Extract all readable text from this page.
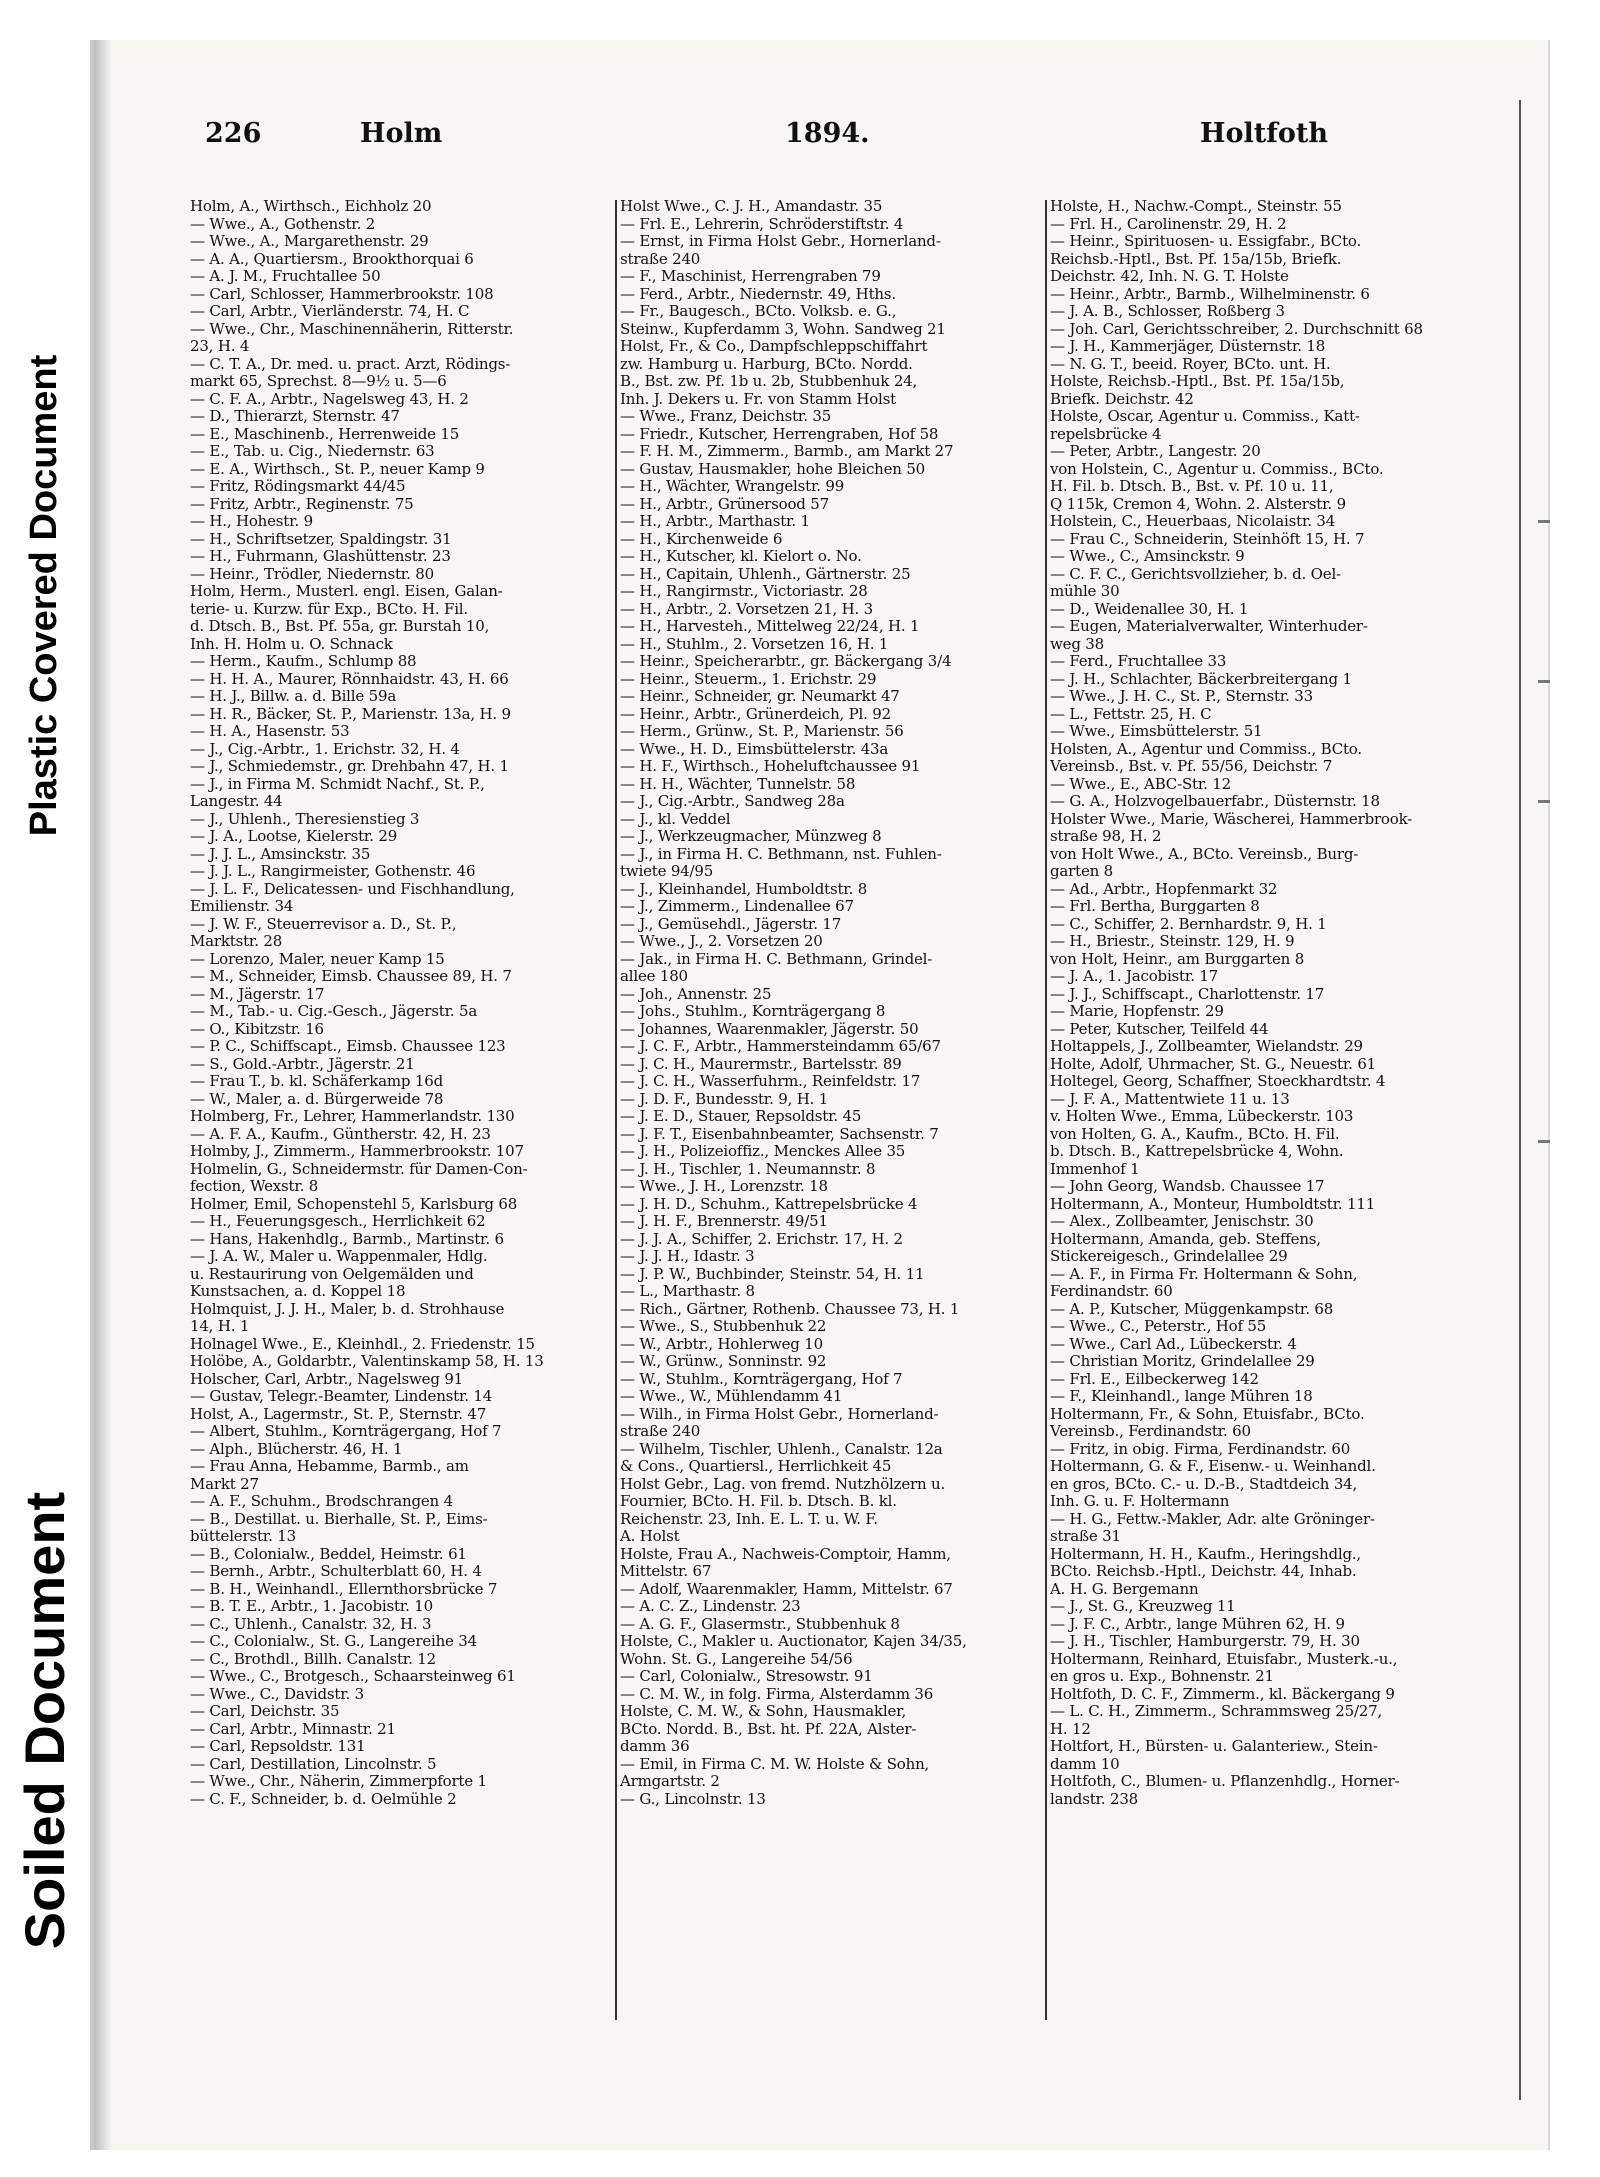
Plastic Covered Document
Soiled Document
226	Holm	1894.	Holtfoth
Holm, A., Wirthsch., Eichholz 20
— Wwe., A., Gothenstr. 2
— Wwe., A., Margarethenstr. 29
— A. A., Quartiersm., Brookthorquai 6
— A. J. M., Fruchtallee 50
— Carl, Schlosser, Hammerbrookstr. 108
— Carl, Arbtr., Vierländerstr. 74, H. C
— Wwe., Chr., Maschinennäherin, Ritterstr.
23, H. 4
— C. T. A., Dr. med. u. pract. Arzt, Rödings-
markt 65, Sprechst. 8—9½ u. 5—6
— C. F. A., Arbtr., Nagelsweg 43, H. 2
— D., Thierarzt, Sternstr. 47
— E., Maschinenb., Herrenweide 15
— E., Tab. u. Cig., Niedernstr. 63
— E. A., Wirthsch., St. P., neuer Kamp 9
— Fritz, Rödingsmarkt 44/45
— Fritz, Arbtr., Reginenstr. 75
— H., Hohestr. 9
— H., Schriftsetzer, Spaldingstr. 31
— H., Fuhrmann, Glashüttenstr. 23
— Heinr., Trödler, Niedernstr. 80
Holm, Herm., Musterl. engl. Eisen, Galan-
terie- u. Kurzw. für Exp., BCto. H. Fil.
d. Dtsch. B., Bst. Pf. 55a, gr. Burstah 10,
Inh. H. Holm u. O. Schnack
— Herm., Kaufm., Schlump 88
— H. H. A., Maurer, Rönnhaidstr. 43, H. 66
— H. J., Billw. a. d. Bille 59a
— H. R., Bäcker, St. P., Marienstr. 13a, H. 9
— H. A., Hasenstr. 53
— J., Cig.-Arbtr., 1. Erichstr. 32, H. 4
— J., Schmiedemstr., gr. Drehbahn 47, H. 1
— J., in Firma M. Schmidt Nachf., St. P.,
Langestr. 44
— J., Uhlenh., Theresienstieg 3
— J. A., Lootse, Kielerstr. 29
— J. J. L., Amsinckstr. 35
— J. J. L., Rangirmeister, Gothenstr. 46
— J. L. F., Delicatessen- und Fischhandlung,
Emilienstr. 34
— J. W. F., Steuerrevisor a. D., St. P.,
Marktstr. 28
— Lorenzo, Maler, neuer Kamp 15
— M., Schneider, Eimsb. Chaussee 89, H. 7
— M., Jägerstr. 17
— M., Tab.- u. Cig.-Gesch., Jägerstr. 5a
— O., Kibitzstr. 16
— P. C., Schiffscapt., Eimsb. Chaussee 123
— S., Gold.-Arbtr., Jägerstr. 21
— Frau T., b. kl. Schäferkamp 16d
— W., Maler, a. d. Bürgerweide 78
Holmberg, Fr., Lehrer, Hammerlandstr. 130
— A. F. A., Kaufm., Güntherstr. 42, H. 23
Holmby, J., Zimmerm., Hammerbrookstr. 107
Holmelin, G., Schneidermstr. für Damen-Con-
fection, Wexstr. 8
Holmer, Emil, Schopenstehl 5, Karlsburg 68
— H., Feuerungsgesch., Herrlichkeit 62
— Hans, Hakenhdlg., Barmb., Martinstr. 6
— J. A. W., Maler u. Wappenmaler, Hdlg.
u. Restaurirung von Oelgemälden und
Kunstsachen, a. d. Koppel 18
Holmquist, J. J. H., Maler, b. d. Strohhause
14, H. 1
Holnagel Wwe., E., Kleinhdl., 2. Friedenstr. 15
Holöbe, A., Goldarbtr., Valentinskamp 58, H. 13
Holscher, Carl, Arbtr., Nagelsweg 91
— Gustav, Telegr.-Beamter, Lindenstr. 14
Holst, A., Lagermstr., St. P., Sternstr. 47
— Albert, Stuhlm., Kornträgergang, Hof 7
— Alph., Blücherstr. 46, H. 1
— Frau Anna, Hebamme, Barmb., am
Markt 27
— A. F., Schuhm., Brodschrangen 4
— B., Destillat. u. Bierhalle, St. P., Eims-
büttelerstr. 13
— B., Colonialw., Beddel, Heimstr. 61
— Bernh., Arbtr., Schulterblatt 60, H. 4
— B. H., Weinhandl., Ellernthorsbrücke 7
— B. T. E., Arbtr., 1. Jacobistr. 10
— C., Uhlenh., Canalstr. 32, H. 3
— C., Colonialw., St. G., Langereihe 34
— C., Brothdl., Billh. Canalstr. 12
— Wwe., C., Brotgesch., Schaarsteinweg 61
— Wwe., C., Davidstr. 3
— Carl, Deichstr. 35
— Carl, Arbtr., Minnastr. 21
— Carl, Repsoldstr. 131
— Carl, Destillation, Lincolnstr. 5
— Wwe., Chr., Näherin, Zimmerpforte 1
— C. F., Schneider, b. d. Oelmühle 2
Holst Wwe., C. J. H., Amandastr. 35
— Frl. E., Lehrerin, Schröderstiftstr. 4
— Ernst, in Firma Holst Gebr., Hornerland-
straße 240
— F., Maschinist, Herrengraben 79
— Ferd., Arbtr., Niedernstr. 49, Hths.
— Fr., Baugesch., BCto. Volksb. e. G.,
Steinw., Kupferdamm 3, Wohn. Sandweg 21
Holst, Fr., & Co., Dampfschleppschiffahrt
zw. Hamburg u. Harburg, BCto. Nordd.
B., Bst. zw. Pf. 1b u. 2b, Stubbenhuk 24,
Inh. J. Dekers u. Fr. von Stamm Holst
— Wwe., Franz, Deichstr. 35
— Friedr., Kutscher, Herrengraben, Hof 58
— F. H. M., Zimmerm., Barmb., am Markt 27
— Gustav, Hausmakler, hohe Bleichen 50
— H., Wächter, Wrangelstr. 99
— H., Arbtr., Grünersood 57
— H., Arbtr., Marthastr. 1
— H., Kirchenweide 6
— H., Kutscher, kl. Kielort o. No.
— H., Capitain, Uhlenh., Gärtnerstr. 25
— H., Rangirmstr., Victoriastr. 28
— H., Arbtr., 2. Vorsetzen 21, H. 3
— H., Harvesteh., Mittelweg 22/24, H. 1
— H., Stuhlm., 2. Vorsetzen 16, H. 1
— Heinr., Speicherarbtr., gr. Bäckergang 3/4
— Heinr., Steuerm., 1. Erichstr. 29
— Heinr., Schneider, gr. Neumarkt 47
— Heinr., Arbtr., Grünerdeich, Pl. 92
— Herm., Grünw., St. P., Marienstr. 56
— Wwe., H. D., Eimsbüttelerstr. 43a
— H. F., Wirthsch., Hoheluftchaussee 91
— H. H., Wächter, Tunnelstr. 58
— J., Cig.-Arbtr., Sandweg 28a
— J., kl. Veddel
— J., Werkzeugmacher, Münzweg 8
— J., in Firma H. C. Bethmann, nst. Fuhlen-
twiete 94/95
— J., Kleinhandel, Humboldtstr. 8
— J., Zimmerm., Lindenallee 67
— J., Gemüsehdl., Jägerstr. 17
— Wwe., J., 2. Vorsetzen 20
— Jak., in Firma H. C. Bethmann, Grindel-
allee 180
— Joh., Annenstr. 25
— Johs., Stuhlm., Kornträgergang 8
— Johannes, Waarenmakler, Jägerstr. 50
— J. C. F., Arbtr., Hammersteindamm 65/67
— J. C. H., Maurermstr., Bartelsstr. 89
— J. C. H., Wasserfuhrm., Reinfeldstr. 17
— J. D. F., Bundesstr. 9, H. 1
— J. E. D., Stauer, Repsoldstr. 45
— J. F. T., Eisenbahnbeamter, Sachsenstr. 7
— J. H., Polizeioffiz., Menckes Allee 35
— J. H., Tischler, 1. Neumannstr. 8
— Wwe., J. H., Lorenzstr. 18
— J. H. D., Schuhm., Kattrepelsbrücke 4
— J. H. F., Brennerstr. 49/51
— J. J. A., Schiffer, 2. Erichstr. 17, H. 2
— J. J. H., Idastr. 3
— J. P. W., Buchbinder, Steinstr. 54, H. 11
— L., Marthastr. 8
— Rich., Gärtner, Rothenb. Chaussee 73, H. 1
— Wwe., S., Stubbenhuk 22
— W., Arbtr., Hohlerweg 10
— W., Grünw., Sonninstr. 92
— W., Stuhlm., Kornträgergang, Hof 7
— Wwe., W., Mühlendamm 41
— Wilh., in Firma Holst Gebr., Hornerland-
straße 240
— Wilhelm, Tischler, Uhlenh., Canalstr. 12a
& Cons., Quartiersl., Herrlichkeit 45
Holst Gebr., Lag. von fremd. Nutzhölzern u.
Fournier, BCto. H. Fil. b. Dtsch. B. kl.
Reichenstr. 23, Inh. E. L. T. u. W. F.
A. Holst
Holste, Frau A., Nachweis-Comptoir, Hamm,
Mittelstr. 67
— Adolf, Waarenmakler, Hamm, Mittelstr. 67
— A. C. Z., Lindenstr. 23
— A. G. F., Glasermstr., Stubbenhuk 8
Holste, C., Makler u. Auctionator, Kajen 34/35,
Wohn. St. G., Langereihe 54/56
— Carl, Colonialw., Stresowstr. 91
— C. M. W., in folg. Firma, Alsterdamm 36
Holste, C. M. W., & Sohn, Hausmakler,
BCto. Nordd. B., Bst. ht. Pf. 22A, Alster-
damm 36
— Emil, in Firma C. M. W. Holste & Sohn,
Armgartstr. 2
— G., Lincolnstr. 13
Holste, H., Nachw.-Compt., Steinstr. 55
— Frl. H., Carolinenstr. 29, H. 2
— Heinr., Spirituosen- u. Essigfabr., BCto.
Reichsb.-Hptl., Bst. Pf. 15a/15b, Briefk.
Deichstr. 42, Inh. N. G. T. Holste
— Heinr., Arbtr., Barmb., Wilhelminenstr. 6
— J. A. B., Schlosser, Roßberg 3
— Joh. Carl, Gerichtsschreiber, 2. Durchschnitt 68
— J. H., Kammerjäger, Düsternstr. 18
— N. G. T., beeid. Royer, BCto. unt. H.
Holste, Reichsb.-Hptl., Bst. Pf. 15a/15b,
Briefk. Deichstr. 42
Holste, Oscar, Agentur u. Commiss., Katt-
repelsbrücke 4
— Peter, Arbtr., Langestr. 20
von Holstein, C., Agentur u. Commiss., BCto.
H. Fil. b. Dtsch. B., Bst. v. Pf. 10 u. 11,
Q 115k, Cremon 4, Wohn. 2. Alsterstr. 9
Holstein, C., Heuerbaas, Nicolaistr. 34
— Frau C., Schneiderin, Steinhöft 15, H. 7
— Wwe., C., Amsinckstr. 9
— C. F. C., Gerichtsvollzieher, b. d. Oel-
mühle 30
— D., Weidenallee 30, H. 1
— Eugen, Materialverwalter, Winterhuder-
weg 38
— Ferd., Fruchtallee 33
— J. H., Schlachter, Bäckerbreitergang 1
— Wwe., J. H. C., St. P., Sternstr. 33
— L., Fettstr. 25, H. C
— Wwe., Eimsbüttelerstr. 51
Holsten, A., Agentur und Commiss., BCto.
Vereinsb., Bst. v. Pf. 55/56, Deichstr. 7
— Wwe., E., ABC-Str. 12
— G. A., Holzvogelbauerfabr., Düsternstr. 18
Holster Wwe., Marie, Wäscherei, Hammerbrook-
straße 98, H. 2
von Holt Wwe., A., BCto. Vereinsb., Burg-
garten 8
— Ad., Arbtr., Hopfenmarkt 32
— Frl. Bertha, Burggarten 8
— C., Schiffer, 2. Bernhardstr. 9, H. 1
— H., Briestr., Steinstr. 129, H. 9
von Holt, Heinr., am Burggarten 8
— J. A., 1. Jacobistr. 17
— J. J., Schiffscapt., Charlottenstr. 17
— Marie, Hopfenstr. 29
— Peter, Kutscher, Teilfeld 44
Holtappels, J., Zollbeamter, Wielandstr. 29
Holte, Adolf, Uhrmacher, St. G., Neuestr. 61
Holtegel, Georg, Schaffner, Stoeckhardtstr. 4
— J. F. A., Mattentwiete 11 u. 13
v. Holten Wwe., Emma, Lübeckerstr. 103
von Holten, G. A., Kaufm., BCto. H. Fil.
b. Dtsch. B., Kattrepelsbrücke 4, Wohn.
Immenhof 1
— John Georg, Wandsb. Chaussee 17
Holtermann, A., Monteur, Humboldtstr. 111
— Alex., Zollbeamter, Jenischstr. 30
Holtermann, Amanda, geb. Steffens,
Stickereigesch., Grindelallee 29
— A. F., in Firma Fr. Holtermann & Sohn,
Ferdinandstr. 60
— A. P., Kutscher, Müggenkampstr. 68
— Wwe., C., Peterstr., Hof 55
— Wwe., Carl Ad., Lübeckerstr. 4
— Christian Moritz, Grindelallee 29
— Frl. E., Eilbeckerweg 142
— F., Kleinhandl., lange Mühren 18
Holtermann, Fr., & Sohn, Etuisfabr., BCto.
Vereinsb., Ferdinandstr. 60
— Fritz, in obig. Firma, Ferdinandstr. 60
Holtermann, G. & F., Eisenw.- u. Weinhandl.
en gros, BCto. C.- u. D.-B., Stadtdeich 34,
Inh. G. u. F. Holtermann
— H. G., Fettw.-Makler, Adr. alte Gröninger-
straße 31
Holtermann, H. H., Kaufm., Heringshdlg.,
BCto. Reichsb.-Hptl., Deichstr. 44, Inhab.
A. H. G. Bergemann
— J., St. G., Kreuzweg 11
— J. F. C., Arbtr., lange Mühren 62, H. 9
— J. H., Tischler, Hamburgerstr. 79, H. 30
Holtermann, Reinhard, Etuisfabr., Musterk.-u.,
en gros u. Exp., Bohnenstr. 21
Holtfoth, D. C. F., Zimmerm., kl. Bäckergang 9
— L. C. H., Zimmerm., Schrammsweg 25/27,
H. 12
Holtfort, H., Bürsten- u. Galanteriew., Stein-
damm 10
Holtfoth, C., Blumen- u. Pflanzenhdlg., Horner-
landstr. 238
